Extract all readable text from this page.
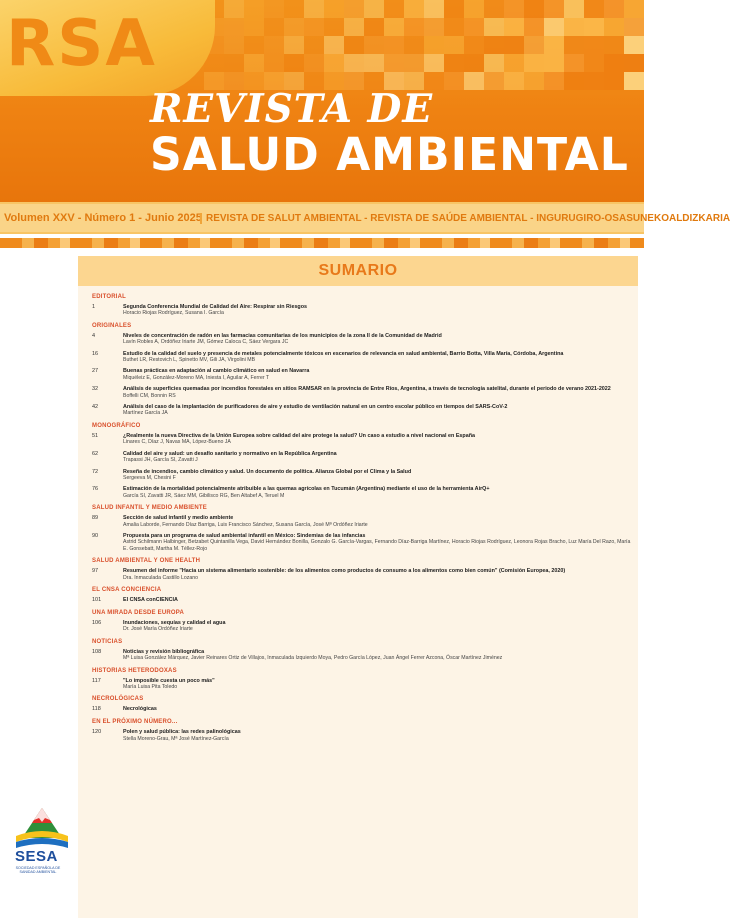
RSA
REVISTA DE
SALUD AMBIENTAL
Volumen XXV - Número 1 - Junio 2025 REVISTA DE SALUT AMBIENTAL - REVISTA DE SAÚDE AMBIENTAL - INGURUGIRO-OSASUNEKOALDIZKARIA
SUMARIO
EDITORIAL
1	Segunda Conferencia Mundial de Calidad del Aire: Respirar sin Riesgos
Horacio Riojas Rodríguez, Susana I. García
ORIGINALES
4	Niveles de concentración de radón en las farmacias comunitarias de los municipios de la zona II de la Comunidad de Madrid
Lavín Robles A, Ordóñez Iriarte JM, Gómez Caloca C, Sáez Vergara JC
16	Estudio de la calidad del suelo y presencia de metales potencialmente tóxicos en escenarios de relevancia en salud ambiental, Barrio Botta, Villa María, Córdoba, Argentina
Buthet LR, Restovich L, Spinetto MV, Gili JA, Virgolini MB
27	Buenas prácticas en adaptación al cambio climático en salud en Navarra
Miquéleiz E, González-Moreno MA, Iniesta I, Aguilar A, Ferrer T
32	Análisis de superficies quemadas por incendios forestales en sitios RAMSAR en la provincia de Entre Ríos, Argentina, a través de tecnología satelital, durante el periodo de verano 2021-2022
Boffelli CM, Bonnin RS
42	Análisis del caso de la implantación de purificadores de aire y estudio de ventilación natural en un centro escolar público en tiempos del SARS-CoV-2
Martínez García JA
MONOGRÁFICO
51	¿Realmente la nueva Directiva de la Unión Europea sobre calidad del aire protege la salud? Un caso a estudio a nivel nacional en España
Linares C, Díaz J, Navas MA, López-Bueno JA
62	Calidad del aire y salud: un desafío sanitario y normativo en la República Argentina
Trapassi JH, García SI, Zavatti J
72	Reseña de incendios, cambio climático y salud. Un documento de política. Alianza Global por el Clima y la Salud
Sergeeva M, Chesini F
76	Estimación de la mortalidad potencialmente atribuible a las quemas agrícolas en Tucumán (Argentina) mediante el uso de la herramienta AirQ+
García SI, Zavatti JR, Sáez MM, Gibilisco RG, Ben Altabef A, Teruel M
SALUD INFANTIL Y MEDIO AMBIENTE
89	Sección de salud infantil y medio ambiente
Amalia Laborde, Fernando Díaz Barriga, Luis Francisco Sánchez, Susana García, José Mª Ordóñez Iriarte
90	Propuesta para un programa de salud ambiental infantil en México: Sindemias de las infancias
Astrid Schilmann Halbinger, Betzabet Quintanilla Vega, David Hernández Bonilla, Gonzalo G. García-Vargas, Fernando Díaz-Barriga Martínez, Horacio Riojas Rodríguez, Leonora Rojas Bracho, Luz María Del Razo, María E. Gonsebatt, Martha M. Téllez-Rojo
SALUD AMBIENTAL Y ONE HEALTH
97	Resumen del informe "Hacia un sistema alimentario sostenible: de los alimentos como productos de consumo a los alimentos como bien común" (Comisión Europea, 2020)
Dra. Inmaculada Castillo Lozano
EL CNSA CONCIENCIA
101	El CNSA conCIENCIA
UNA MIRADA DESDE EUROPA
106	Inundaciones, sequías y calidad el agua
Dr. José María Ordóñez Iriarte
NOTICIAS
108	Noticias y revisión bibliográfica
Mª Luisa González Márquez, Javier Reinares Ortiz de Villajos, Inmaculada Izquierdo Moya, Pedro García López, Juan Ángel Ferrer Azcona, Óscar Martínez Jiménez
HISTORIAS HETERODOXAS
117	"Lo imposible cuesta un poco más"
María Luisa Pita Toledo
NECROLÓGICAS
118	Necrológicas
EN EL PRÓXIMO NÚMERO...
120	Polen y salud pública: las redes palinológicas
Stella Moreno-Grau, Mª José Martínez-García
SESA
SOCIEDAD ESPAÑOLA DE SANIDAD AMBIENTAL
